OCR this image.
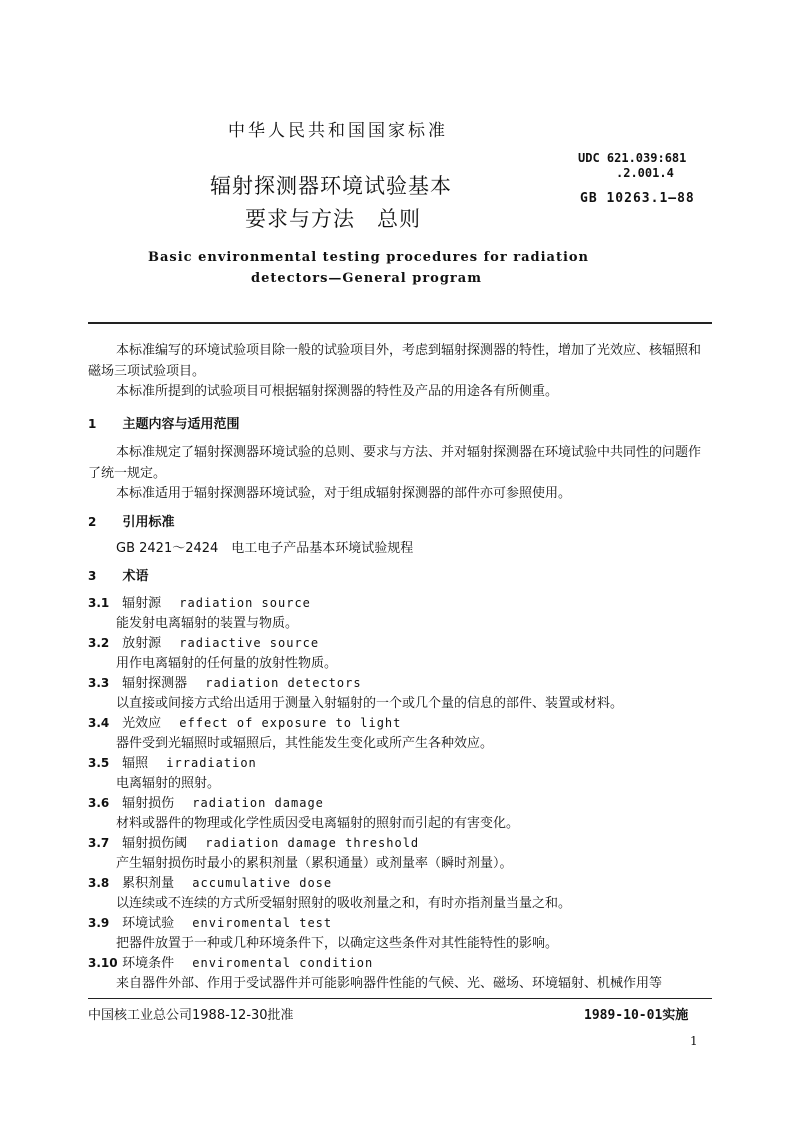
中华人民共和国国家标准
辐射探测器环境试验基本
要求与方法　总则
UDC 621.039:681
.2.001.4
GB 10263.1—88
Basic environmental testing procedures for radiation
detectors—General program
本标准编写的环境试验项目除一般的试验项目外，考虑到辐射探测器的特性，增加了光效应、核辐照和磁场三项试验项目。
本标准所提到的试验项目可根据辐射探测器的特性及产品的用途各有所侧重。
1 主题内容与适用范围
本标准规定了辐射探测器环境试验的总则、要求与方法、并对辐射探测器在环境试验中共同性的问题作了统一规定。
本标准适用于辐射探测器环境试验，对于组成辐射探测器的部件亦可参照使用。
2 引用标准
GB 2421～2424　电工电子产品基本环境试验规程
3 术语
3.1 辐射源 radiation source
能发射电离辐射的装置与物质。
3.2 放射源 radiactive source
用作电离辐射的任何量的放射性物质。
3.3 辐射探测器 radiation detectors
以直接或间接方式给出适用于测量入射辐射的一个或几个量的信息的部件、装置或材料。
3.4 光效应 effect of exposure to light
器件受到光辐照时或辐照后，其性能发生变化或所产生各种效应。
3.5 辐照 irradiation
电离辐射的照射。
3.6 辐射损伤 radiation damage
材料或器件的物理或化学性质因受电离辐射的照射而引起的有害变化。
3.7 辐射损伤阈 radiation damage threshold
产生辐射损伤时最小的累积剂量（累积通量）或剂量率（瞬时剂量）。
3.8 累积剂量 accumulative dose
以连续或不连续的方式所受辐射照射的吸收剂量之和，有时亦指剂量当量之和。
3.9 环境试验 enviromental test
把器件放置于一种或几种环境条件下，以确定这些条件对其性能特性的影响。
3.10 环境条件 enviromental condition
来自器件外部、作用于受试器件并可能影响器件性能的气候、光、磁场、环境辐射、机械作用等
中国核工业总公司1988-12-30批准	1989-10-01实施
1
